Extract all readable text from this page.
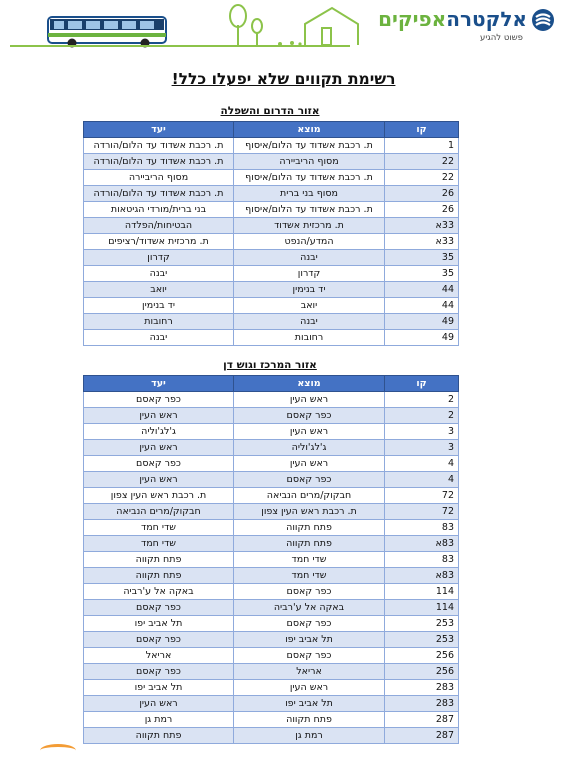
אלקטרהאפיקים
פשוט להגיע
רשימת תקווים שלא יפעלו כלל!
אזור הדרום והשפלה
קו	מוצא	יעד
1	ת. רכבת אשדוד עד הלום/איסוף	ת. רכבת אשדוד עד הלום/הורדה
22	מסוף הריביירה	ת. רכבת אשדוד עד הלום/הורדה
22	ת. רכבת אשדוד עד הלום/איסוף	מסוף הריביירה
26	מסוף בני ברית	ת. רכבת אשדוד עד הלום/הורדה
26	ת. רכבת אשדוד עד הלום/איסוף	בני ברית/מורדי הגיטאות
33א	ת. מרכזית אשדוד	הבטיחות/הפלדה
33א	המדע/הנפט	ת. מרכזית אשדוד/רציפים
35	יבנה	קדרון
35	קדרון	יבנה
44	יד בנימין	יואב
44	יואב	יד בנימין
49	יבנה	רחובות
49	רחובות	יבנה
אזור המרכז וגוש דן
קו	מוצא	יעד
2	ראש העין	כפר קאסם
2	כפר קאסם	ראש העין
3	ראש העין	ג'לג'וליה
3	ג'לג'וליה	ראש העין
4	ראש העין	כפר קאסם
4	כפר קאסם	ראש העין
72	חבקוק/מרים הנביאה	ת. רכבת ראש העין צפון
72	ת. רכבת ראש העין צפון	חבקוק/מרים הנביאה
83	פתח תקווה	שדי חמד
83א	פתח תקווה	שדי חמד
83	שדי חמד	פתח תקווה
83א	שדי חמד	פתח תקווה
114	כפר קאסם	באקה אל ע'רביה
114	באקה אל ע'רביה	כפר קאסם
253	כפר קאסם	תל אביב יפו
253	תל אביב יפו	כפר קאסם
256	כפר קאסם	אריאל
256	אריאל	כפר קאסם
283	ראש העין	תל אביב יפו
283	תל אביב יפו	ראש העין
287	פתח תקווה	רמת גן
287	רמת גן	פתח תקווה
